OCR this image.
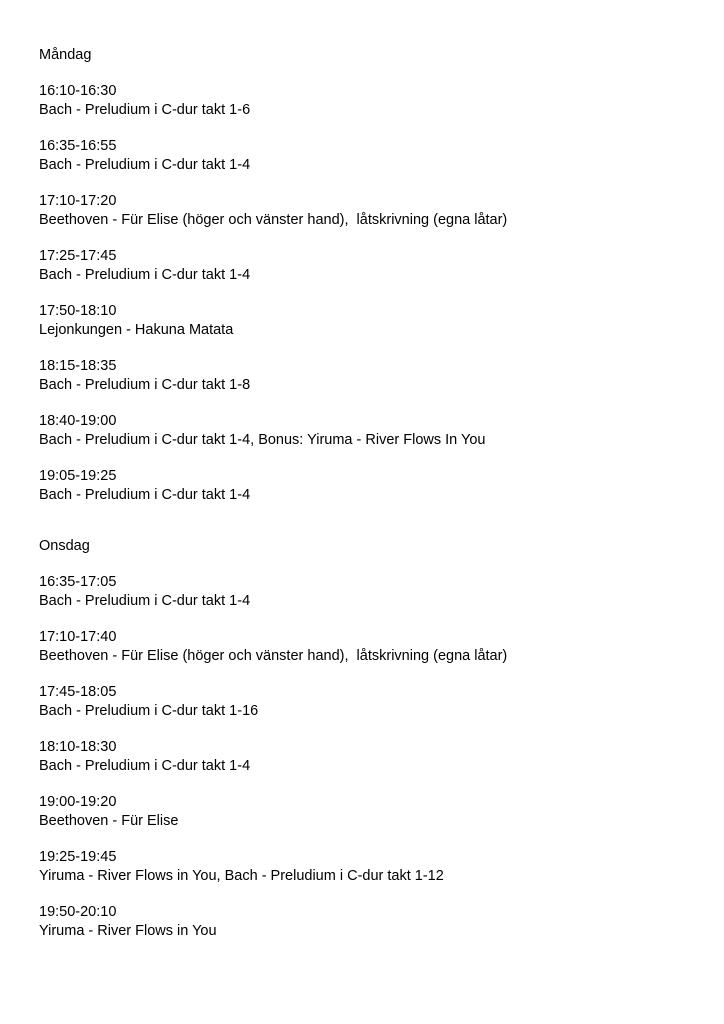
Måndag
16:10-16:30
Bach - Preludium i C-dur takt 1-6
16:35-16:55
Bach - Preludium i C-dur takt 1-4
17:10-17:20
Beethoven - Für Elise (höger och vänster hand),  låtskrivning (egna låtar)
17:25-17:45
Bach - Preludium i C-dur takt 1-4
17:50-18:10
Lejonkungen - Hakuna Matata
18:15-18:35
Bach - Preludium i C-dur takt 1-8
18:40-19:00
Bach - Preludium i C-dur takt 1-4, Bonus: Yiruma - River Flows In You
19:05-19:25
Bach - Preludium i C-dur takt 1-4
Onsdag
16:35-17:05
Bach - Preludium i C-dur takt 1-4
17:10-17:40
Beethoven - Für Elise (höger och vänster hand),  låtskrivning (egna låtar)
17:45-18:05
Bach - Preludium i C-dur takt 1-16
18:10-18:30
Bach - Preludium i C-dur takt 1-4
19:00-19:20
Beethoven - Für Elise
19:25-19:45
Yiruma - River Flows in You, Bach - Preludium i C-dur takt 1-12
19:50-20:10
Yiruma - River Flows in You
